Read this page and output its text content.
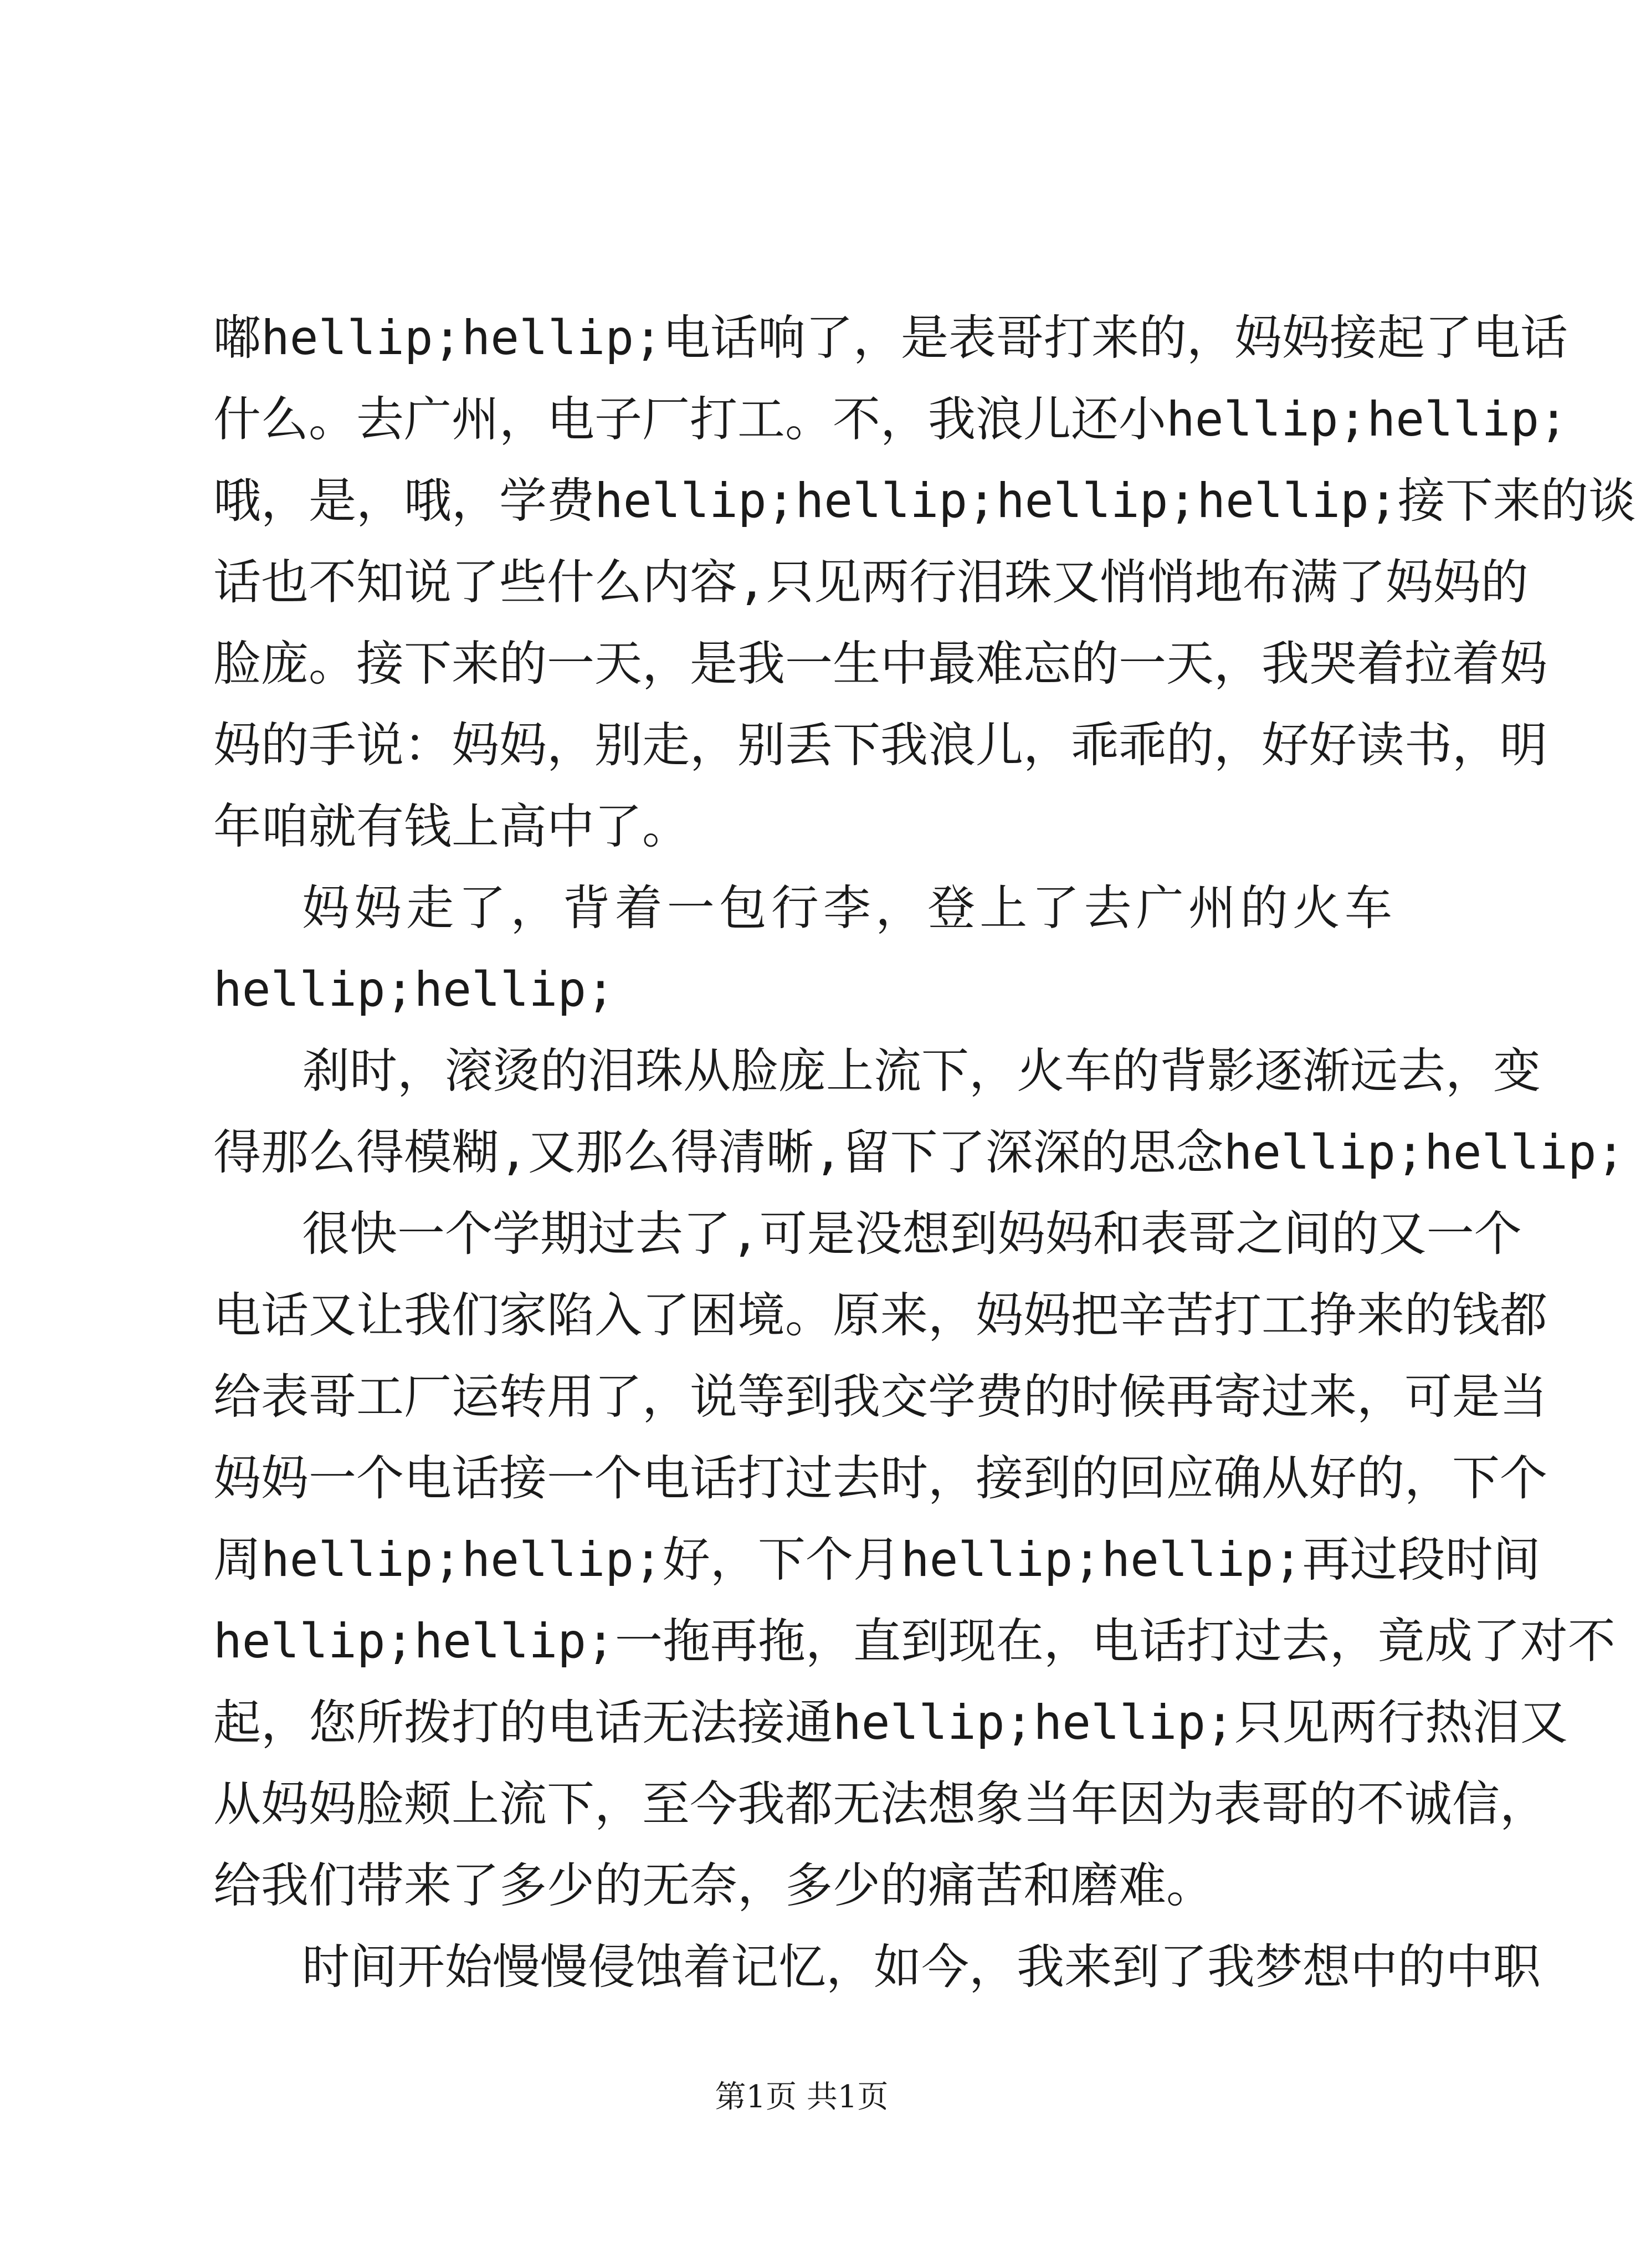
嘟hellip;hellip;电话响了，是表哥打来的，妈妈接起了电话
什么。去广州，电子厂打工。不，我浪儿还小hellip;hellip;
哦，是，哦，学费hellip;hellip;hellip;hellip;接下来的谈
话也不知说了些什么内容,只见两行泪珠又悄悄地布满了妈妈的
脸庞。接下来的一天，是我一生中最难忘的一天，我哭着拉着妈
妈的手说：妈妈，别走，别丢下我浪儿，乖乖的，好好读书，明
年咱就有钱上高中了。
妈妈走了，背着一包行李，登上了去广州的火车
hellip;hellip;
刹时，滚烫的泪珠从脸庞上流下，火车的背影逐渐远去，变
得那么得模糊,又那么得清晰,留下了深深的思念hellip;hellip;
很快一个学期过去了,可是没想到妈妈和表哥之间的又一个
电话又让我们家陷入了困境。原来，妈妈把辛苦打工挣来的钱都
给表哥工厂运转用了，说等到我交学费的时候再寄过来，可是当
妈妈一个电话接一个电话打过去时，接到的回应确从好的，下个
周hellip;hellip;好，下个月hellip;hellip;再过段时间
hellip;hellip;一拖再拖，直到现在，电话打过去，竟成了对不
起，您所拨打的电话无法接通hellip;hellip;只见两行热泪又
从妈妈脸颊上流下，至今我都无法想象当年因为表哥的不诚信，
给我们带来了多少的无奈，多少的痛苦和磨难。
时间开始慢慢侵蚀着记忆，如今，我来到了我梦想中的中职
第1页 共1页
